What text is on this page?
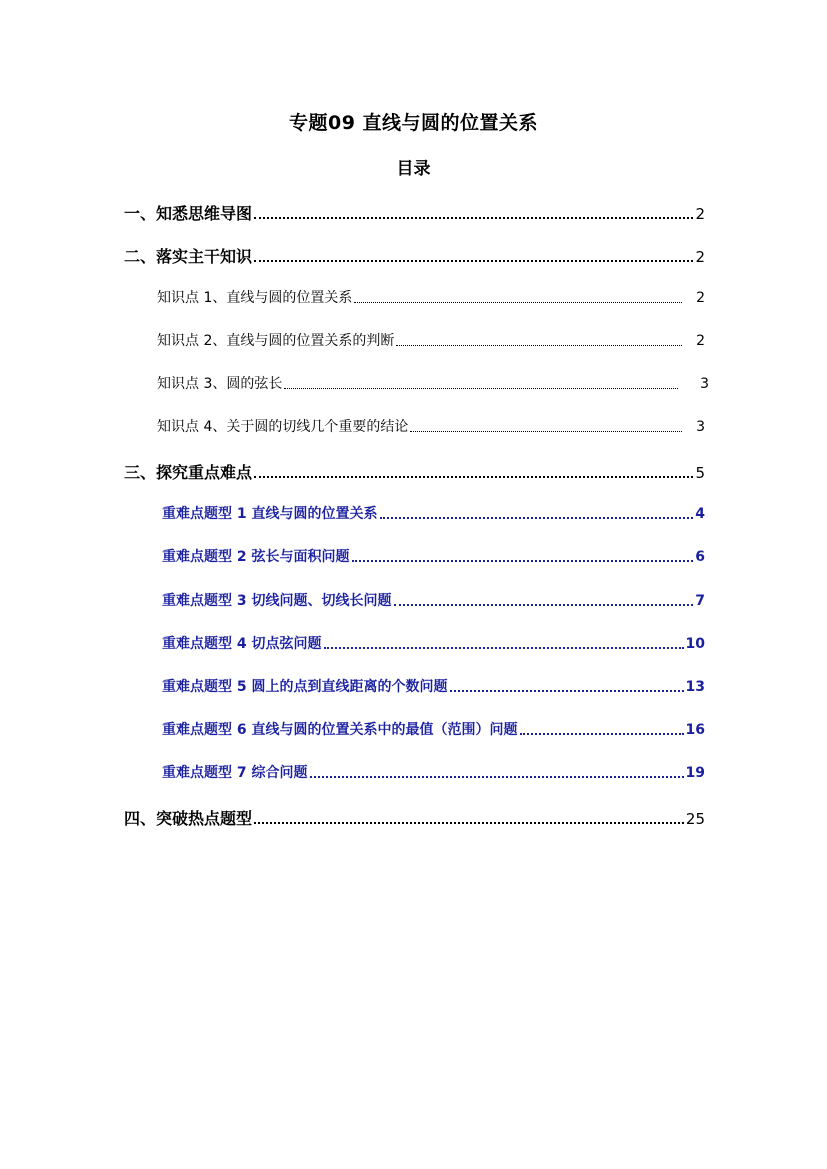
专题09 直线与圆的位置关系
目录
一、知悉思维导图	2
二、落实主干知识	2
知识点 1、直线与圆的位置关系	2
知识点 2、直线与圆的位置关系的判断	2
知识点 3、圆的弦长	3
知识点 4、关于圆的切线几个重要的结论	3
三、探究重点难点	5
重难点题型 1 直线与圆的位置关系	4
重难点题型 2 弦长与面积问题	6
重难点题型 3 切线问题、切线长问题	7
重难点题型 4 切点弦问题	10
重难点题型 5 圆上的点到直线距离的个数问题	13
重难点题型 6 直线与圆的位置关系中的最值（范围）问题	16
重难点题型 7 综合问题	19
四、突破热点题型	25
